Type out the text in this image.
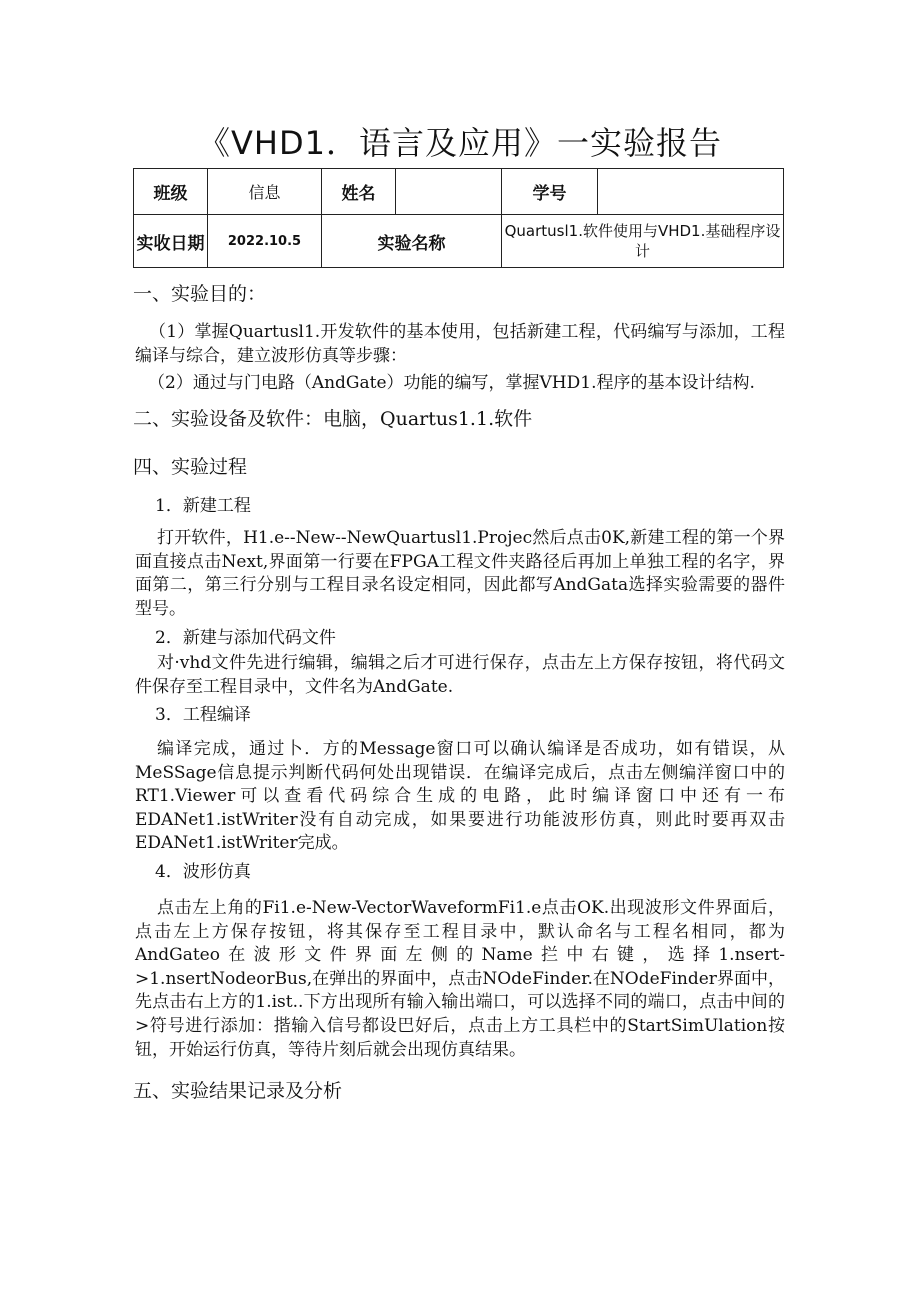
《VHD1．语言及应用》一实验报告
班级	信息	姓名		学号	
实收日期	2022.10.5	实验名称		Quartusl1.软件使用与VHD1.基础程序设计	

一、实验目的：

（1）掌握Quartusl1.开发软件的基本使用，包括新建工程，代码编写与添加，工程编译与综合，建立波形仿真等步骤：

（2）通过与门电路（AndGate）功能的编写，掌握VHD1.程序的基本设计结构.

二、实验设备及软件：电脑，Quartus1.1.软件

四、实验过程

1．新建工程

打开软件，H1.e--New--NewQuartusl1.Projec然后点击0K,新建工程的第一个界面直接点击Next,界面第一行要在FPGA工程文件夹路径后再加上单独工程的名字，界面第二，第三行分别与工程目录名设定相同，因此都写AndGata选择实验需要的器件型号。

2．新建与添加代码文件

对·vhd文件先进行编辑，编辑之后才可进行保存，点击左上方保存按钮，将代码文件保存至工程目录中，文件名为AndGate.

3．工程编译

编译完成，通过卜．方的Message窗口可以确认编译是否成功，如有错误，从MeSSage信息提示判断代码何处出现错误．在编译完成后，点击左侧编洋窗口中的RT1.Viewer可以查看代码综合生成的电路，此时编译窗口中还有一布EDANet1.istWriter没有自动完成，如果要进行功能波形仿真，则此时要再双击EDANet1.istWriter完成。

4．波形仿真

点击左上角的Fi1.e-New-VectorWaveformFi1.e点击OK.出现波形文件界面后，点击左上方保存按钮，将其保存至工程目录中，默认命名与工程名相同，都为AndGateo在波形文件界面左侧的Name拦中右键，选择1.nsert->1.nsertNodeorBus,在弹出的界面中，点击NOdeFinder.在NOdeFinder界面中，先点击右上方的1.ist..下方出现所有输入输出端口，可以选择不同的端口，点击中间的>符号进行添加：揩输入信号都设巴好后，点击上方工具栏中的StartSimUlation按钮，开始运行仿真，等待片刻后就会出现仿真结果。

五、实验结果记录及分析
